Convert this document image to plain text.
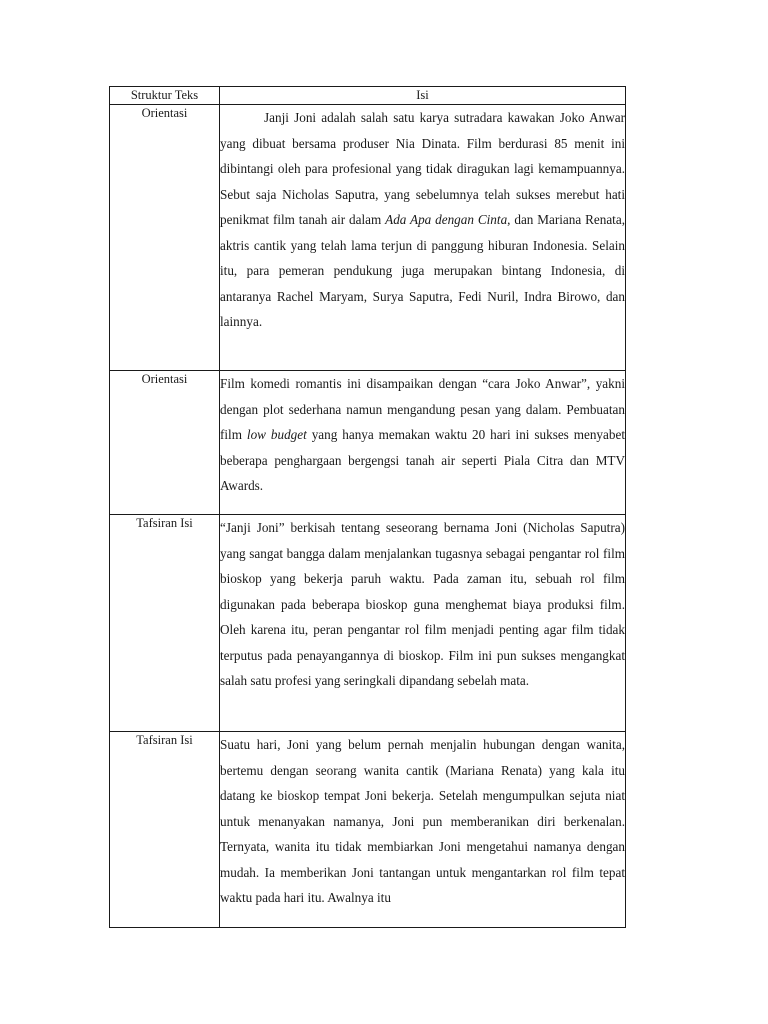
Struktur Teks	Isi
Orientasi	Janji Joni adalah salah satu karya sutradara kawakan Joko Anwar yang dibuat bersama produser Nia Dinata. Film berdurasi 85 menit ini dibintangi oleh para profesional yang tidak diragukan lagi kemampuannya. Sebut saja Nicholas Saputra, yang sebelumnya telah sukses merebut hati penikmat film tanah air dalam Ada Apa dengan Cinta, dan Mariana Renata, aktris cantik yang telah lama terjun di panggung hiburan Indonesia. Selain itu, para pemeran pendukung juga merupakan bintang Indonesia, di antaranya Rachel Maryam, Surya Saputra, Fedi Nuril, Indra Birowo, dan lainnya.

Orientasi	Film komedi romantis ini disampaikan dengan “cara Joko Anwar”, yakni dengan plot sederhana namun mengandung pesan yang dalam. Pembuatan film low budget yang hanya memakan waktu 20 hari ini sukses menyabet beberapa penghargaan bergengsi tanah air seperti Piala Citra dan MTV Awards.

Tafsiran Isi	“Janji Joni” berkisah tentang seseorang bernama Joni (Nicholas Saputra) yang sangat bangga dalam menjalankan tugasnya sebagai pengantar rol film bioskop yang bekerja paruh waktu. Pada zaman itu, sebuah rol film digunakan pada beberapa bioskop guna menghemat biaya produksi film. Oleh karena itu, peran pengantar rol film menjadi penting agar film tidak terputus pada penayangannya di bioskop. Film ini pun sukses mengangkat salah satu profesi yang seringkali dipandang sebelah mata.

Tafsiran Isi	Suatu hari, Joni yang belum pernah menjalin hubungan dengan wanita, bertemu dengan seorang wanita cantik (Mariana Renata) yang kala itu datang ke bioskop tempat Joni bekerja. Setelah mengumpulkan sejuta niat untuk menanyakan namanya, Joni pun memberanikan diri berkenalan. Ternyata, wanita itu tidak membiarkan Joni mengetahui namanya dengan mudah. Ia memberikan Joni tantangan untuk mengantarkan rol film tepat waktu pada hari itu. Awalnya itu
